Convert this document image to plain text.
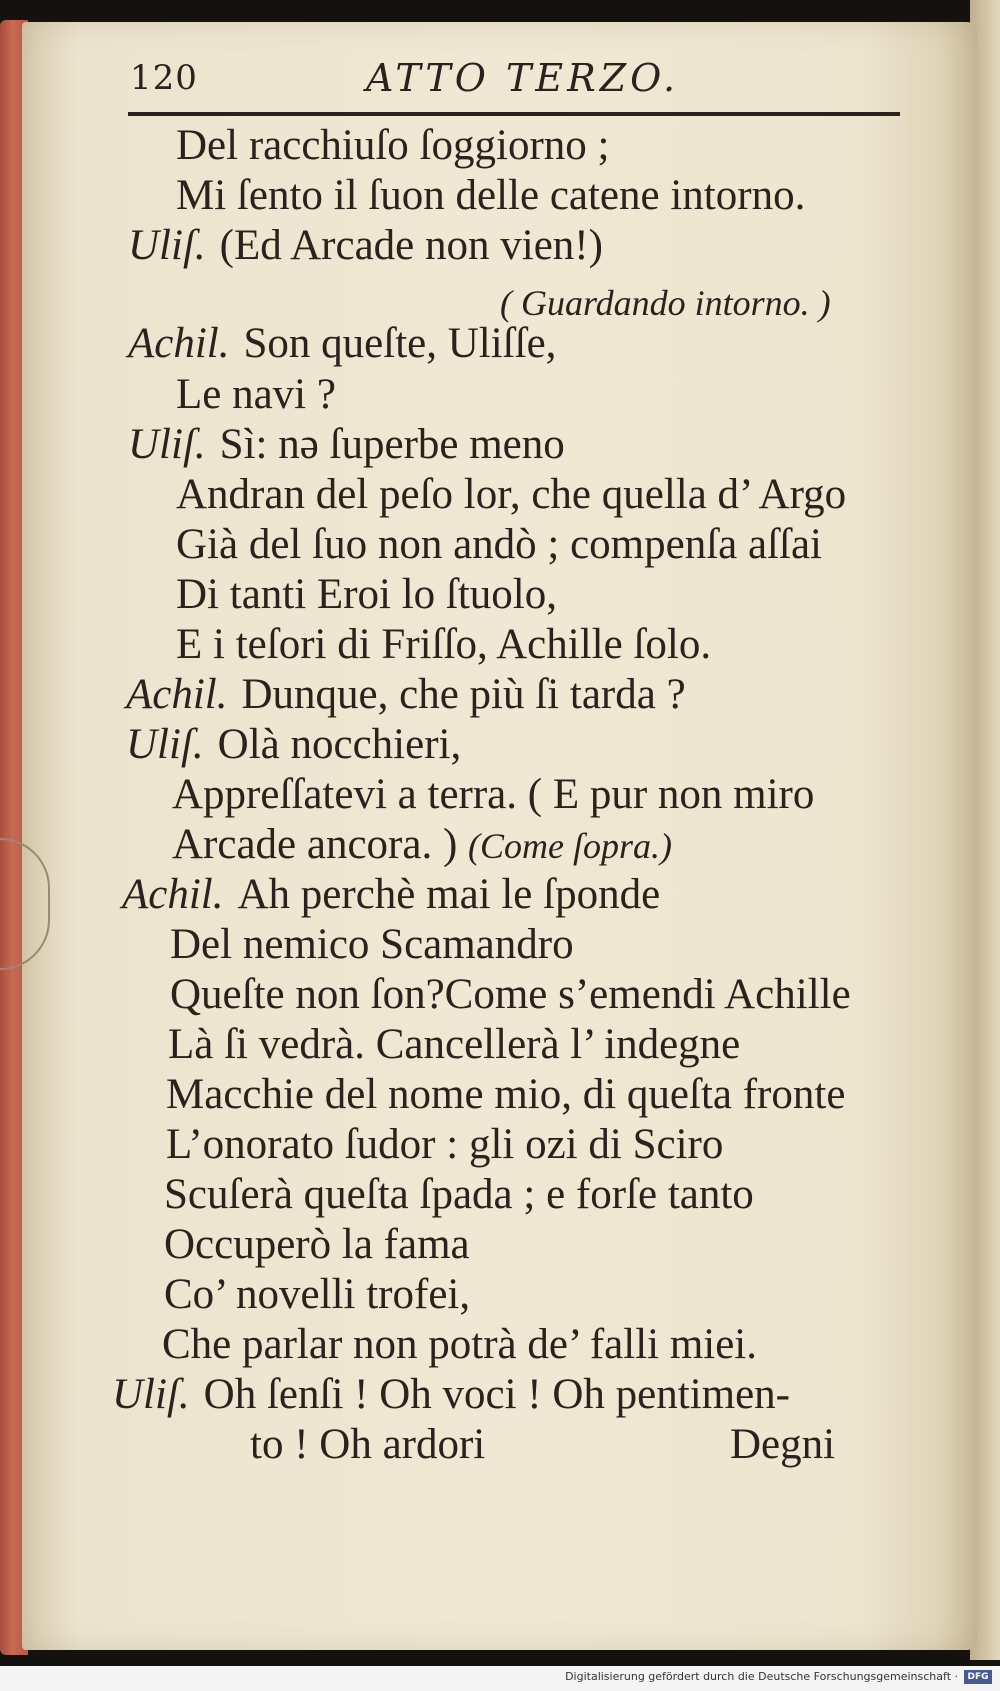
120	ATTO TERZO.
Del racchiuſo ſoggiorno ;
Mi ſento il ſuon delle catene intorno.
Uliſ. (Ed Arcade non vien!)
( Guardando intorno. )
Achil. Son queſte, Uliſſe,
Le navi ?
Uliſ. Sì: nə ſuperbe meno
Andran del peſo lor, che quella d’ Argo
Già del ſuo non andò ; compenſa aſſai
Di tanti Eroi lo ſtuolo,
E i teſori di Friſſo, Achille ſolo.
Achil. Dunque, che più ſi tarda ?
Uliſ. Olà nocchieri,
Appreſſatevi a terra. ( E pur non miro
Arcade ancora. ) (Come ſopra.)
Achil. Ah perchè mai le ſponde
Del nemico Scamandro
Queſte non ſon?Come s’emendi Achille
Là ſi vedrà. Cancellerà l’ indegne
Macchie del nome mio, di queſta fronte
L’onorato ſudor : gli ozi di Sciro
Scuſerà queſta ſpada ; e forſe tanto
Occuperò la fama
Co’ novelli trofei,
Che parlar non potrà de’ falli miei.
Uliſ. Oh ſenſi ! Oh voci ! Oh pentimen-
to ! Oh ardori	Degni
Digitalisierung gefördert durch die Deutsche Forschungsgemeinschaft ·	DFG
